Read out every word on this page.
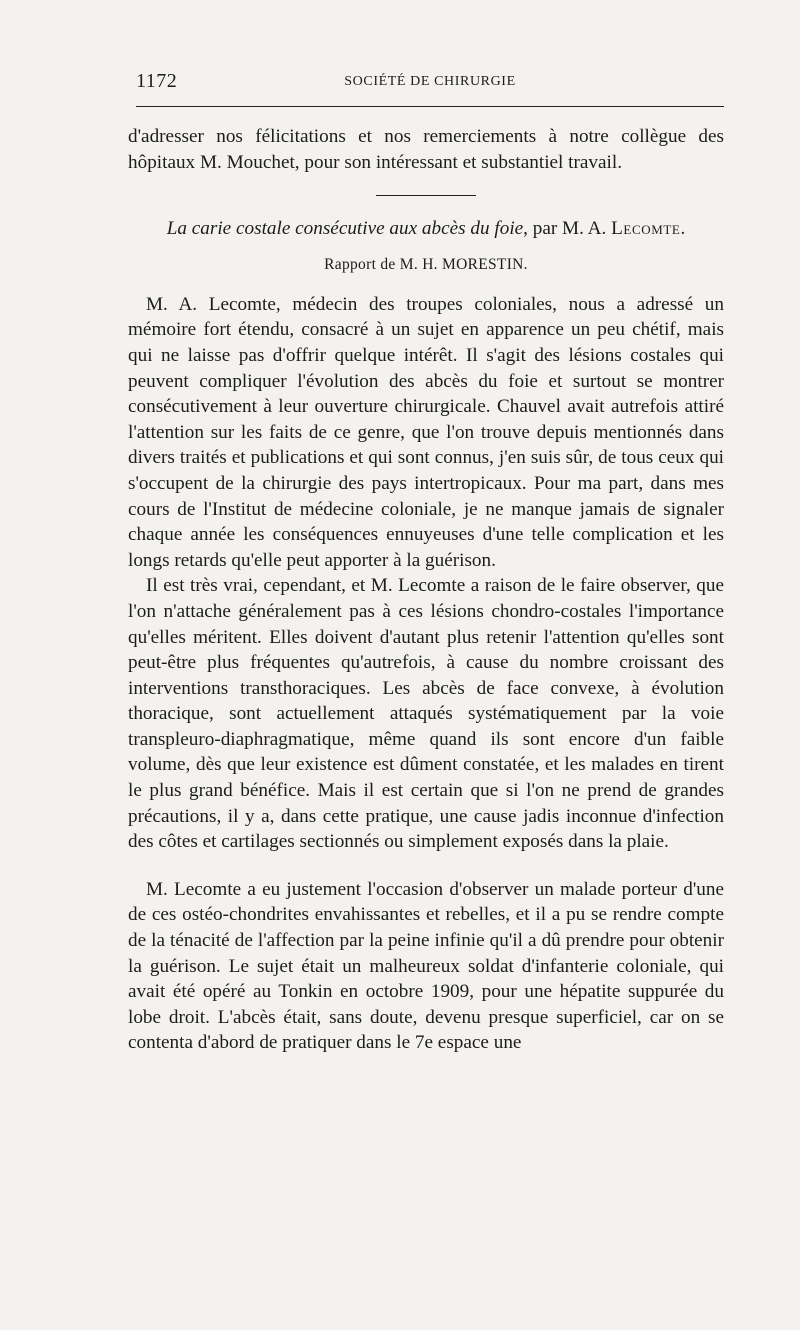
1172	SOCIÉTÉ DE CHIRURGIE

d'adresser nos félicitations et nos remerciements à notre collègue des hôpitaux M. Mouchet, pour son intéressant et substantiel travail.

La carie costale consécutive aux abcès du foie, par M. A. Lecomte.

Rapport de M. H. MORESTIN.

M. A. Lecomte, médecin des troupes coloniales, nous a adressé un mémoire fort étendu, consacré à un sujet en apparence un peu chétif, mais qui ne laisse pas d'offrir quelque intérêt. Il s'agit des lésions costales qui peuvent compliquer l'évolution des abcès du foie et surtout se montrer consécutivement à leur ouverture chirurgicale. Chauvel avait autrefois attiré l'attention sur les faits de ce genre, que l'on trouve depuis mentionnés dans divers traités et publications et qui sont connus, j'en suis sûr, de tous ceux qui s'occupent de la chirurgie des pays intertropicaux. Pour ma part, dans mes cours de l'Institut de médecine coloniale, je ne manque jamais de signaler chaque année les conséquences ennuyeuses d'une telle complication et les longs retards qu'elle peut apporter à la guérison.

Il est très vrai, cependant, et M. Lecomte a raison de le faire observer, que l'on n'attache généralement pas à ces lésions chondro-costales l'importance qu'elles méritent. Elles doivent d'autant plus retenir l'attention qu'elles sont peut-être plus fréquentes qu'autrefois, à cause du nombre croissant des interventions transthoraciques. Les abcès de face convexe, à évolution thoracique, sont actuellement attaqués systématiquement par la voie transpleuro-diaphragmatique, même quand ils sont encore d'un faible volume, dès que leur existence est dûment constatée, et les malades en tirent le plus grand bénéfice. Mais il est certain que si l'on ne prend de grandes précautions, il y a, dans cette pratique, une cause jadis inconnue d'infection des côtes et cartilages sectionnés ou simplement exposés dans la plaie.

M. Lecomte a eu justement l'occasion d'observer un malade porteur d'une de ces ostéo-chondrites envahissantes et rebelles, et il a pu se rendre compte de la ténacité de l'affection par la peine infinie qu'il a dû prendre pour obtenir la guérison. Le sujet était un malheureux soldat d'infanterie coloniale, qui avait été opéré au Tonkin en octobre 1909, pour une hépatite suppurée du lobe droit. L'abcès était, sans doute, devenu presque superficiel, car on se contenta d'abord de pratiquer dans le 7e espace une
